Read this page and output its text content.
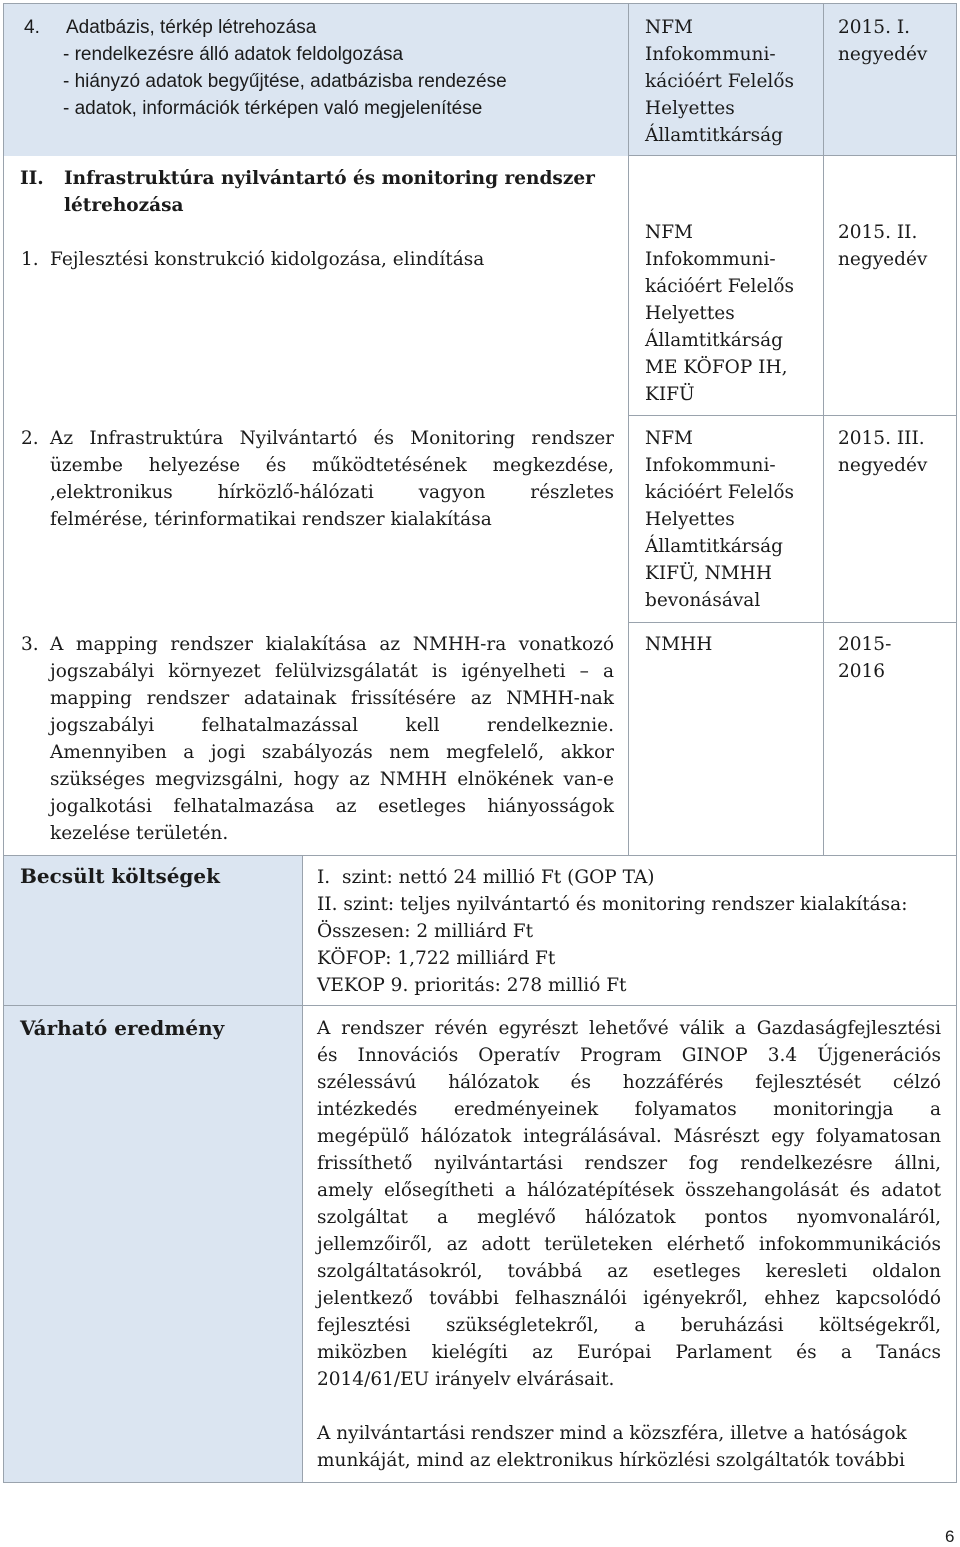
4. Adatbázis, térkép létrehozása
- rendelkezésre álló adatok feldolgozása
- hiányzó adatok begyűjtése, adatbázisba rendezése
- adatok, információk térképen való megjelenítése
NFM
Infokommuni-
kációért Felelős
Helyettes
Államtitkárság
2015. I.
negyedév
II. Infrastruktúra nyilvántartó és monitoring rendszer
létrehozása
1. Fejlesztési konstrukció kidolgozása, elindítása
NFM
Infokommuni-
kációért Felelős
Helyettes
Államtitkárság
ME KÖFOP IH,
KIFÜ
2015. II.
negyedév
2. Az Infrastruktúra Nyilvántartó és Monitoring rendszer
üzembe helyezése és működtetésének megkezdése,
,elektronikus hírközlő-hálózati vagyon részletes
felmérése, térinformatikai rendszer kialakítása
NFM
Infokommuni-
kációért Felelős
Helyettes
Államtitkárság
KIFÜ, NMHH
bevonásával
2015. III.
negyedév
3. A mapping rendszer kialakítása az NMHH-ra vonatkozó
jogszabályi környezet felülvizsgálatát is igényelheti – a
mapping rendszer adatainak frissítésére az NMHH-nak
jogszabályi felhatalmazással kell rendelkeznie.
Amennyiben a jogi szabályozás nem megfelelő, akkor
szükséges megvizsgálni, hogy az NMHH elnökének van-e
jogalkotási felhatalmazása az esetleges hiányosságok
kezelése területén.
NMHH	2015-
2016
Becsült költségek
Várható eredmény
I.  szint: nettó 24 millió Ft (GOP TA)
II. szint: teljes nyilvántartó és monitoring rendszer kialakítása:
Összesen: 2 milliárd Ft
KÖFOP: 1,722 milliárd Ft
VEKOP 9. prioritás: 278 millió Ft
A rendszer révén egyrészt lehetővé válik a Gazdaságfejlesztési
és Innovációs Operatív Program GINOP 3.4 Újgenerációs
szélessávú hálózatok és hozzáférés fejlesztését célzó
intézkedés eredményeinek folyamatos monitoringja a
megépülő hálózatok integrálásával. Másrészt egy folyamatosan
frissíthető nyilvántartási rendszer fog rendelkezésre állni,
amely elősegítheti a hálózatépítések összehangolását és adatot
szolgáltat a meglévő hálózatok pontos nyomvonaláról,
jellemzőiről, az adott területeken elérhető infokommunikációs
szolgáltatásokról, továbbá az esetleges keresleti oldalon
jelentkező további felhasználói igényekről, ehhez kapcsolódó
fejlesztési szükségletekről, a beruházási költségekről,
miközben kielégíti az Európai Parlament és a Tanács
2014/61/EU irányelv elvárásait.
A nyilvántartási rendszer mind a közszféra, illetve a hatóságok
munkáját, mind az elektronikus hírközlési szolgáltatók további
6
